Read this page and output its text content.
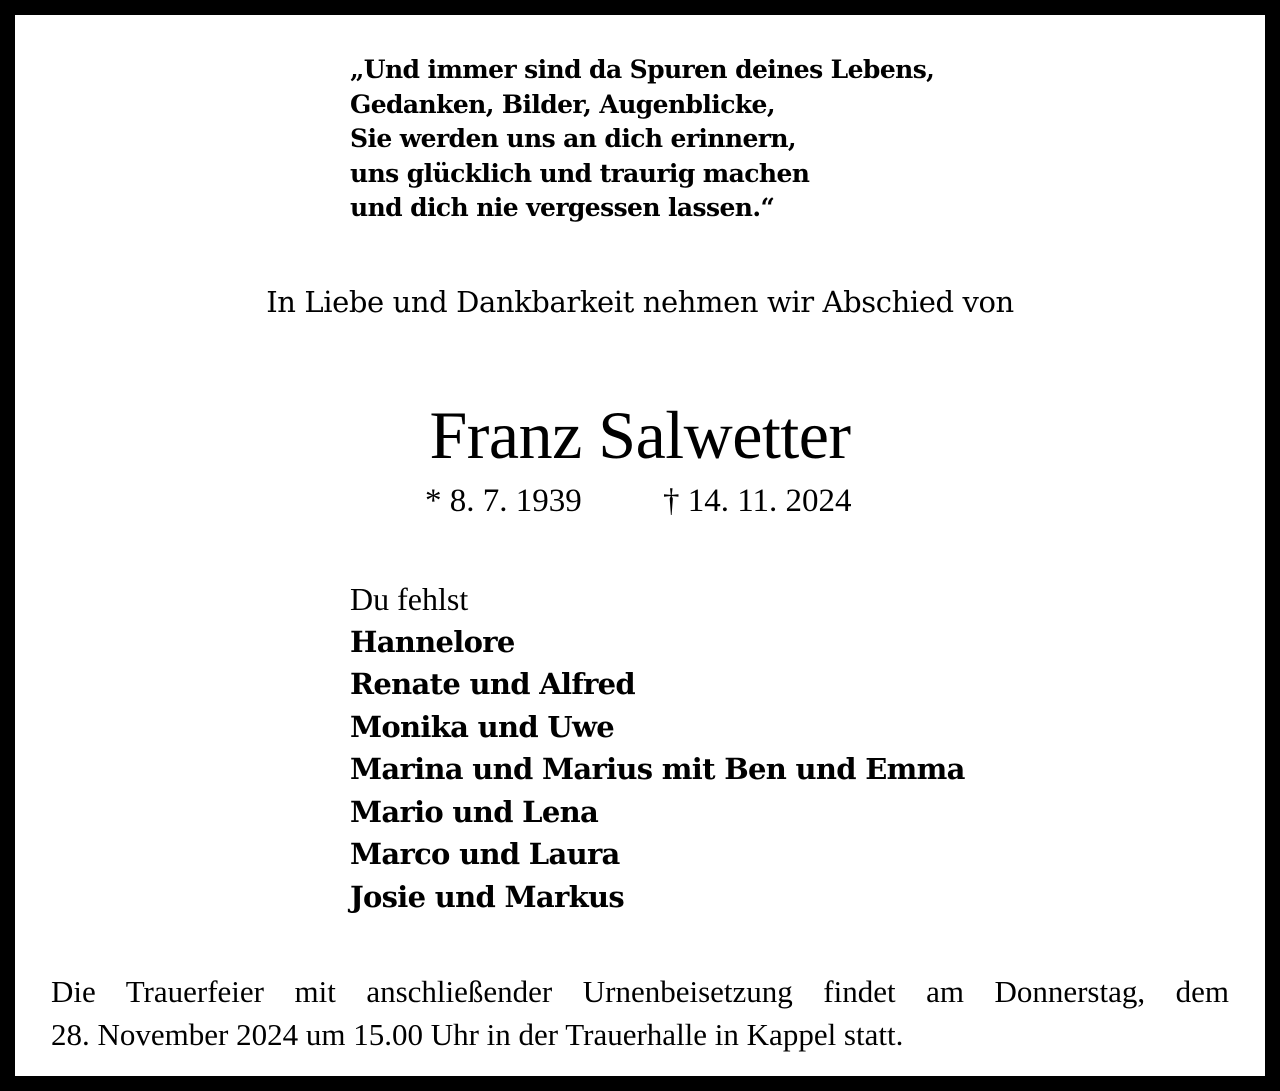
„Und immer sind da Spuren deines Lebens,
Gedanken, Bilder, Augenblicke,
Sie werden uns an dich erinnern,
uns glücklich und traurig machen
und dich nie vergessen lassen.“
In Liebe und Dankbarkeit nehmen wir Abschied von
Franz Salwetter
* 8. 7. 1939 † 14. 11. 2024
Du fehlst
Hannelore
Renate und Alfred
Monika und Uwe
Marina und Marius mit Ben und Emma
Mario und Lena
Marco und Laura
Josie und Markus
Die Trauerfeier mit anschließender Urnenbeisetzung findet am Donnerstag, dem
28. November 2024 um 15.00 Uhr in der Trauerhalle in Kappel statt.
